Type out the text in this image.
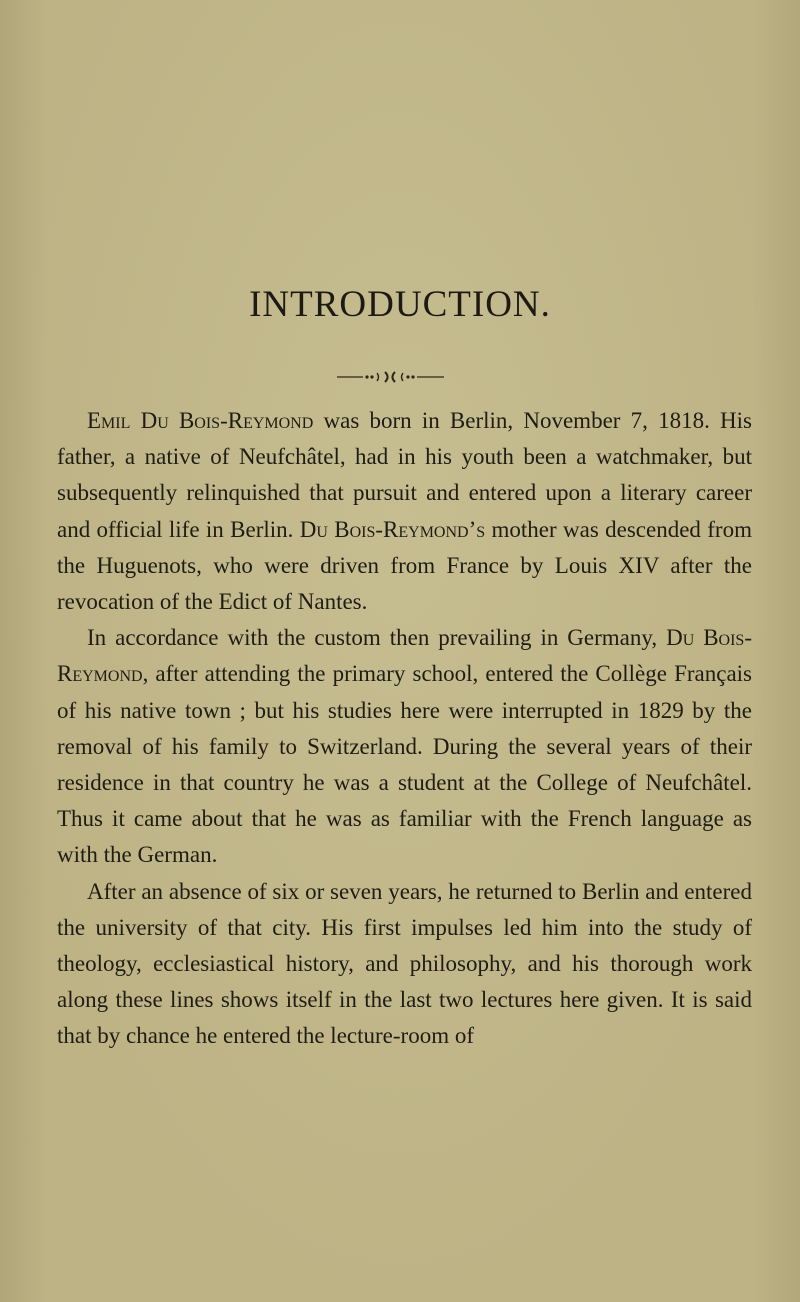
INTRODUCTION.

Emil Du Bois-Reymond was born in Berlin, November 7, 1818. His father, a native of Neufchâtel, had in his youth been a watchmaker, but subsequently relinquished that pursuit and entered upon a literary career and official life in Berlin. Du Bois-Reymond’s mother was descended from the Huguenots, who were driven from France by Louis XIV after the revocation of the Edict of Nantes.

In accordance with the custom then prevailing in Germany, Du Bois-Reymond, after attending the primary school, entered the Collège Français of his native town ; but his studies here were interrupted in 1829 by the removal of his family to Switzerland. During the several years of their residence in that country he was a student at the College of Neufchâtel. Thus it came about that he was as familiar with the French language as with the German.

After an absence of six or seven years, he returned to Berlin and entered the university of that city. His first impulses led him into the study of theology, ecclesiastical history, and philosophy, and his thorough work along these lines shows itself in the last two lectures here given. It is said that by chance he entered the lecture-room of
